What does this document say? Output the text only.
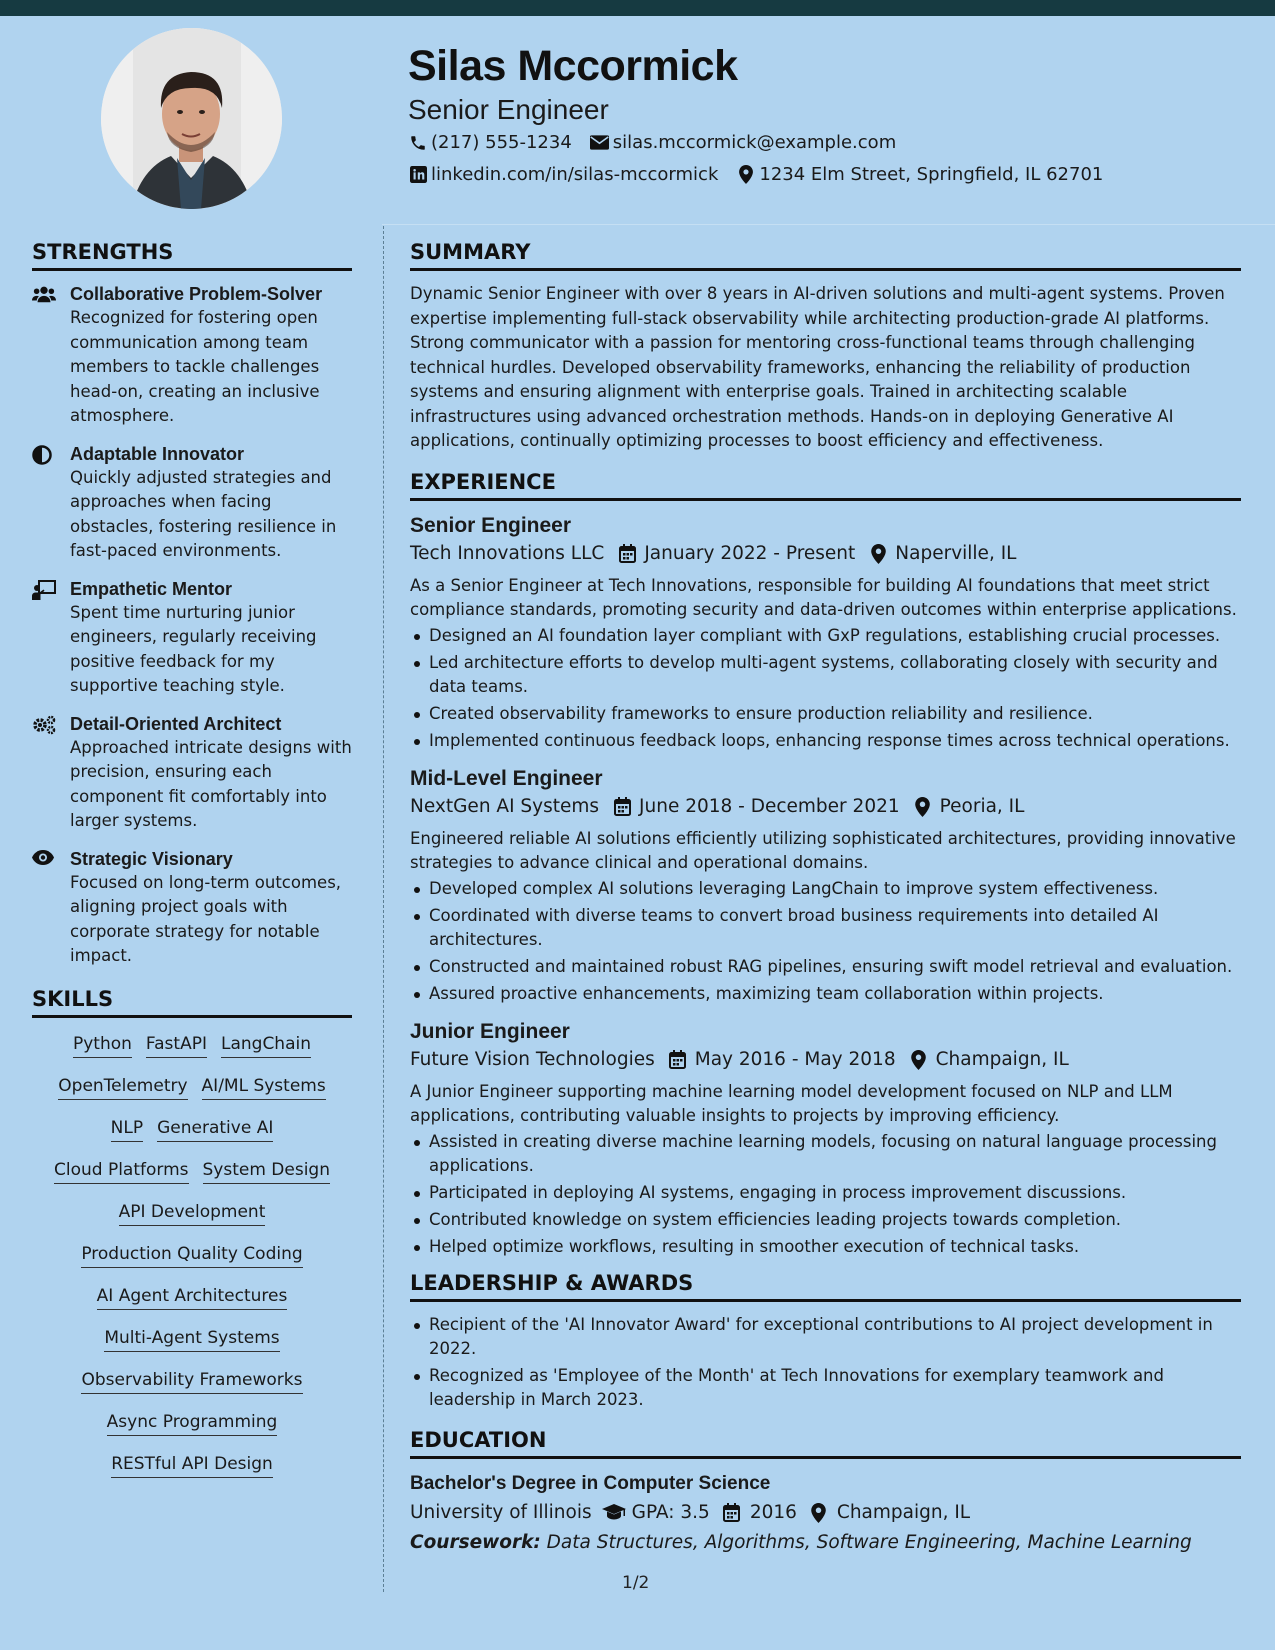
Silas Mccormick
Senior Engineer
(217) 555-1234 silas.mccormick@example.com
linkedin.com/in/silas-mccormick 1234 Elm Street, Springfield, IL 62701
STRENGTHS
Collaborative Problem-Solver
Recognized for fostering open communication among team members to tackle challenges head-on, creating an inclusive atmosphere.
Adaptable Innovator
Quickly adjusted strategies and approaches when facing obstacles, fostering resilience in fast-paced environments.
Empathetic Mentor
Spent time nurturing junior engineers, regularly receiving positive feedback for my supportive teaching style.
Detail-Oriented Architect
Approached intricate designs with precision, ensuring each component fit comfortably into larger systems.
Strategic Visionary
Focused on long-term outcomes, aligning project goals with corporate strategy for notable impact.
SKILLS
Python FastAPI LangChain
OpenTelemetry AI/ML Systems
NLP Generative AI
Cloud Platforms System Design
API Development
Production Quality Coding
AI Agent Architectures
Multi-Agent Systems
Observability Frameworks
Async Programming
RESTful API Design
SUMMARY
Dynamic Senior Engineer with over 8 years in AI-driven solutions and multi-agent systems. Proven expertise implementing full-stack observability while architecting production-grade AI platforms. Strong communicator with a passion for mentoring cross-functional teams through challenging technical hurdles. Developed observability frameworks, enhancing the reliability of production systems and ensuring alignment with enterprise goals. Trained in architecting scalable infrastructures using advanced orchestration methods. Hands-on in deploying Generative AI applications, continually optimizing processes to boost efficiency and effectiveness.
EXPERIENCE
Senior Engineer
Tech Innovations LLC January 2022 - Present Naperville, IL
As a Senior Engineer at Tech Innovations, responsible for building AI foundations that meet strict compliance standards, promoting security and data-driven outcomes within enterprise applications.
Designed an AI foundation layer compliant with GxP regulations, establishing crucial processes.
Led architecture efforts to develop multi-agent systems, collaborating closely with security and data teams.
Created observability frameworks to ensure production reliability and resilience.
Implemented continuous feedback loops, enhancing response times across technical operations.
Mid-Level Engineer
NextGen AI Systems June 2018 - December 2021 Peoria, IL
Engineered reliable AI solutions efficiently utilizing sophisticated architectures, providing innovative strategies to advance clinical and operational domains.
Developed complex AI solutions leveraging LangChain to improve system effectiveness.
Coordinated with diverse teams to convert broad business requirements into detailed AI architectures.
Constructed and maintained robust RAG pipelines, ensuring swift model retrieval and evaluation.
Assured proactive enhancements, maximizing team collaboration within projects.
Junior Engineer
Future Vision Technologies May 2016 - May 2018 Champaign, IL
A Junior Engineer supporting machine learning model development focused on NLP and LLM applications, contributing valuable insights to projects by improving efficiency.
Assisted in creating diverse machine learning models, focusing on natural language processing applications.
Participated in deploying AI systems, engaging in process improvement discussions.
Contributed knowledge on system efficiencies leading projects towards completion.
Helped optimize workflows, resulting in smoother execution of technical tasks.
LEADERSHIP & AWARDS
Recipient of the 'AI Innovator Award' for exceptional contributions to AI project development in 2022.
Recognized as 'Employee of the Month' at Tech Innovations for exemplary teamwork and leadership in March 2023.
EDUCATION
Bachelor's Degree in Computer Science
University of Illinois GPA: 3.5 2016 Champaign, IL
Coursework: Data Structures, Algorithms, Software Engineering, Machine Learning
1/2
